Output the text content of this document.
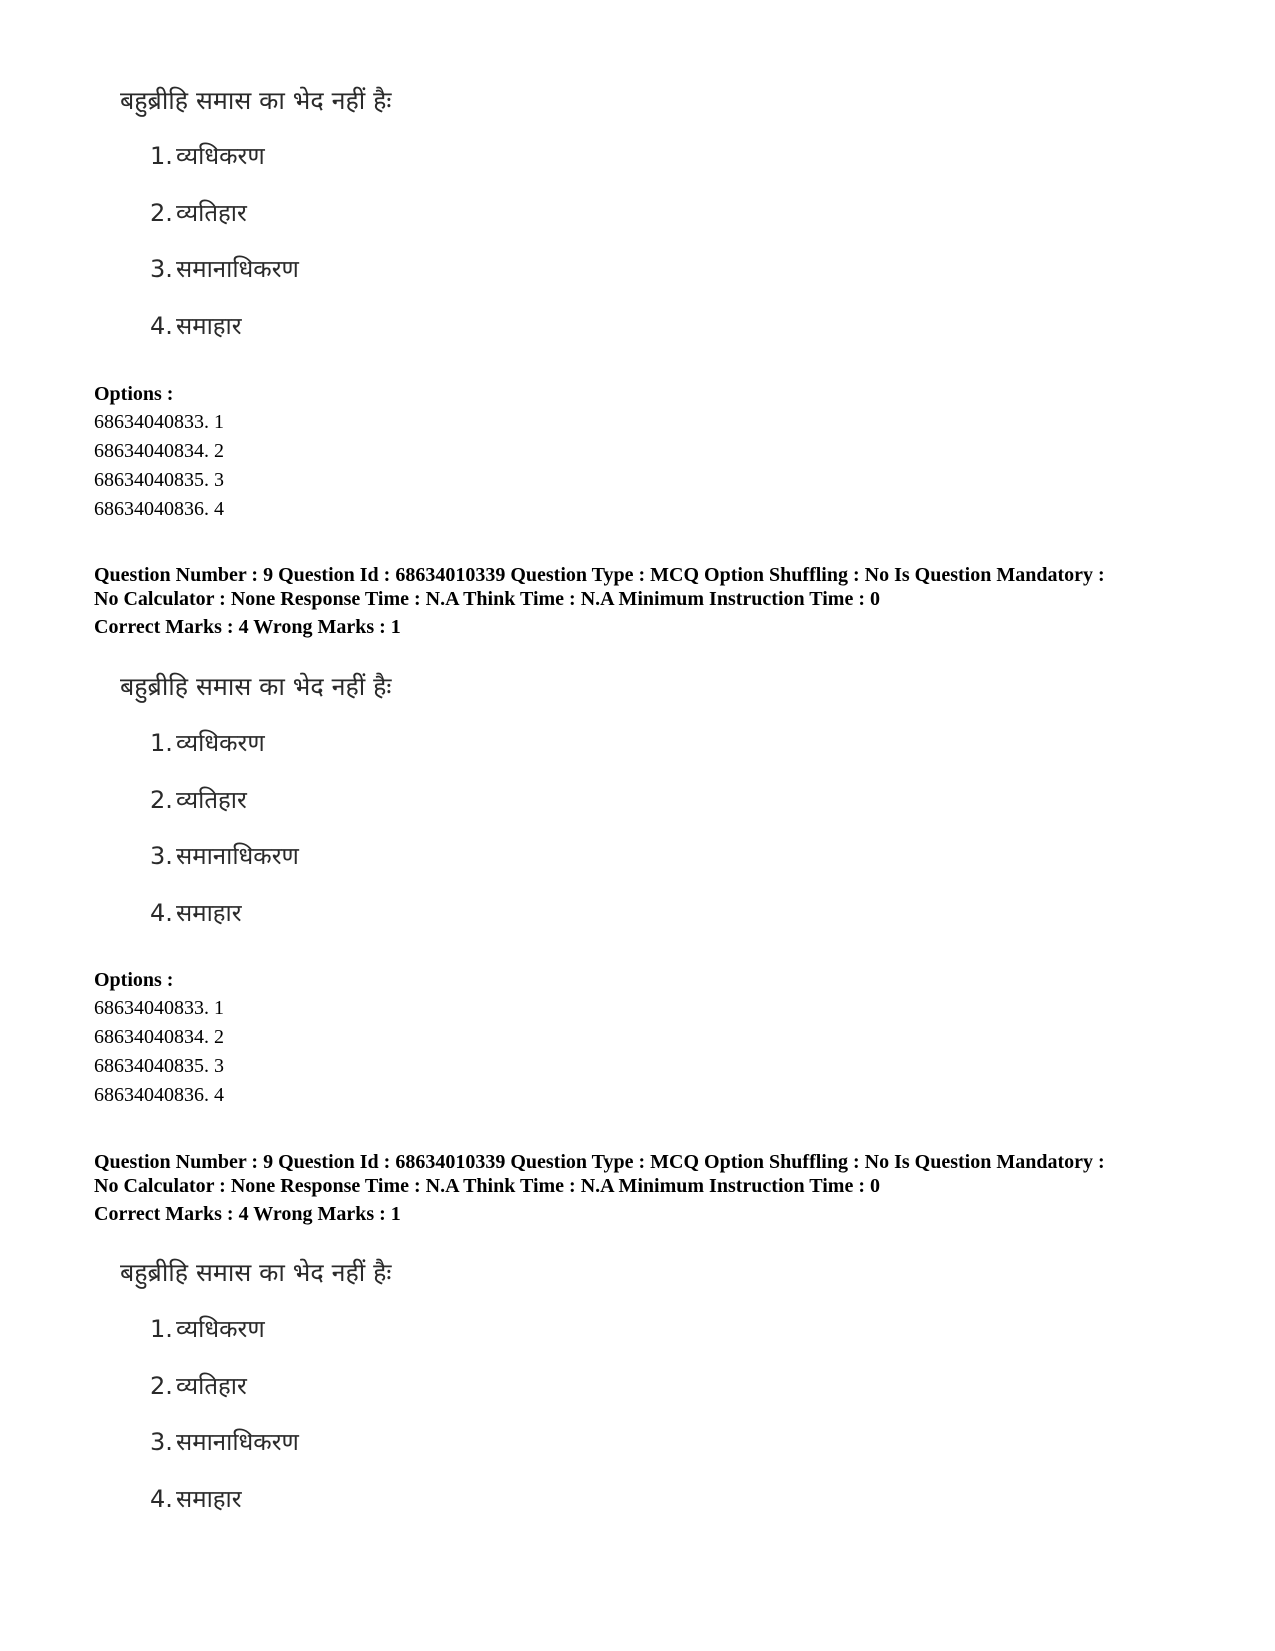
बहुब्रीहि समास का भेद नहीं हैः
1. व्यधिकरण
2. व्यतिहार
3. समानाधिकरण
4. समाहार
Options :
68634040833. 1
68634040834. 2
68634040835. 3
68634040836. 4
Question Number : 9 Question Id : 68634010339 Question Type : MCQ Option Shuffling : No Is Question Mandatory :
No Calculator : None Response Time : N.A Think Time : N.A Minimum Instruction Time : 0
Correct Marks : 4 Wrong Marks : 1
बहुब्रीहि समास का भेद नहीं हैः
1. व्यधिकरण
2. व्यतिहार
3. समानाधिकरण
4. समाहार
Options :
68634040833. 1
68634040834. 2
68634040835. 3
68634040836. 4
Question Number : 9 Question Id : 68634010339 Question Type : MCQ Option Shuffling : No Is Question Mandatory :
No Calculator : None Response Time : N.A Think Time : N.A Minimum Instruction Time : 0
Correct Marks : 4 Wrong Marks : 1
बहुब्रीहि समास का भेद नहीं हैः
1. व्यधिकरण
2. व्यतिहार
3. समानाधिकरण
4. समाहार
